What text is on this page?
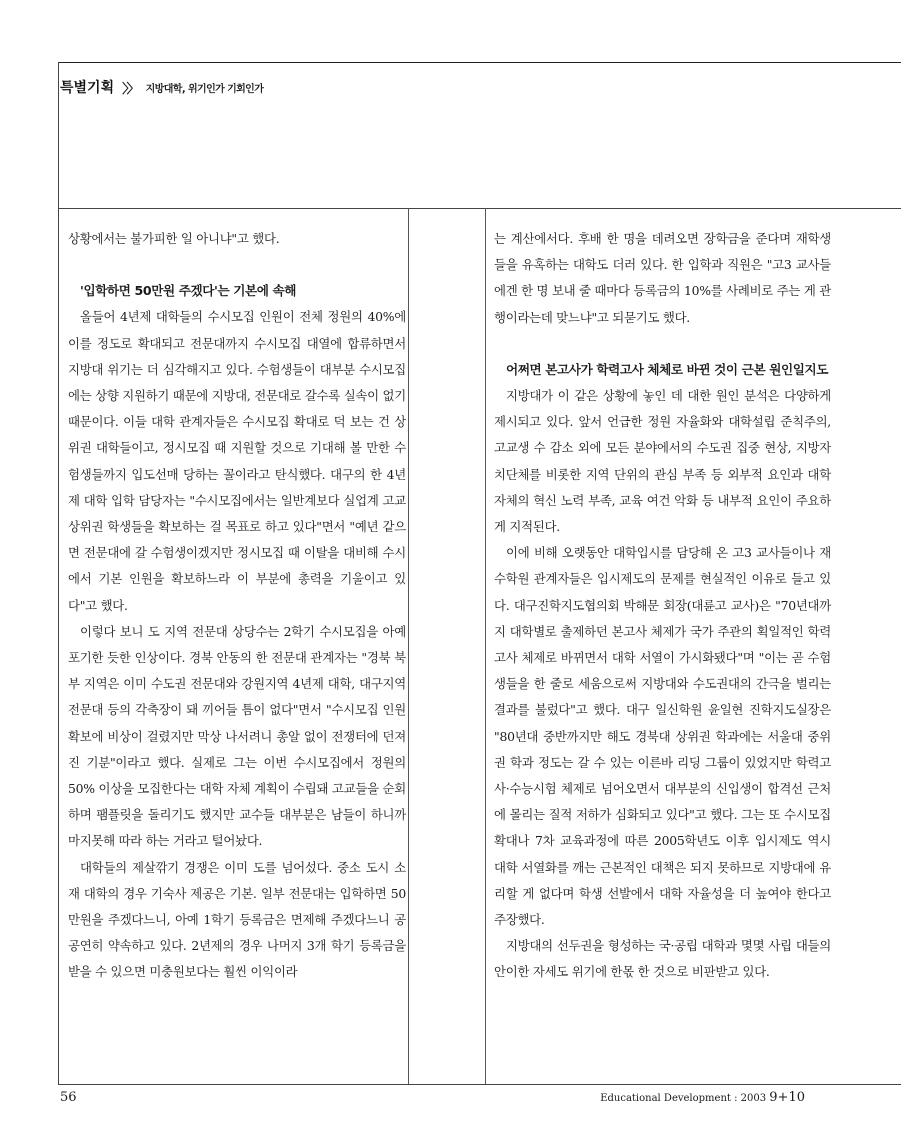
특별기획 〉〉 지방대학, 위기인가 기회인가

상황에서는 불가피한 일 아니냐"고 했다.

'입학하면 50만원 주겠다'는 기본에 속해

올들어 4년제 대학들의 수시모집 인원이 전체 정원의 40%에 이를 정도로 확대되고 전문대까지 수시모집 대열에 합류하면서 지방대 위기는 더 심각해지고 있다. 수험생들이 대부분 수시모집에는 상향 지원하기 때문에 지방대, 전문대로 갈수록 실속이 없기 때문이다. 이들 대학 관계자들은 수시모집 확대로 덕 보는 건 상위권 대학들이고, 정시모집 때 지원할 것으로 기대해 볼 만한 수험생들까지 입도선매 당하는 꼴이라고 탄식했다. 대구의 한 4년제 대학 입학 담당자는 "수시모집에서는 일반계보다 실업계 고교 상위권 학생들을 확보하는 걸 목표로 하고 있다"면서 "예년 같으면 전문대에 갈 수험생이겠지만 정시모집 때 이탈을 대비해 수시에서 기본 인원을 확보하느라 이 부분에 총력을 기울이고 있다"고 했다.

이렇다 보니 도 지역 전문대 상당수는 2학기 수시모집을 아예 포기한 듯한 인상이다. 경북 안동의 한 전문대 관계자는 "경북 북부 지역은 이미 수도권 전문대와 강원지역 4년제 대학, 대구지역 전문대 등의 각축장이 돼 끼어들 틈이 없다"면서 "수시모집 인원 확보에 비상이 걸렸지만 막상 나서려니 총알 없이 전쟁터에 던져진 기분"이라고 했다. 실제로 그는 이번 수시모집에서 정원의 50% 이상을 모집한다는 대학 자체 계획이 수립돼 고교들을 순회하며 팸플릿을 돌리기도 했지만 교수들 대부분은 남들이 하니까 마지못해 따라 하는 거라고 털어놨다.

대학들의 제살깎기 경쟁은 이미 도를 넘어섰다. 중소 도시 소재 대학의 경우 기숙사 제공은 기본. 일부 전문대는 입학하면 50만원을 주겠다느니, 아예 1학기 등록금은 면제해 주겠다느니 공공연히 약속하고 있다. 2년제의 경우 나머지 3개 학기 등록금을 받을 수 있으면 미충원보다는 훨씬 이익이라

는 계산에서다. 후배 한 명을 데려오면 장학금을 준다며 재학생들을 유혹하는 대학도 더러 있다. 한 입학과 직원은 "고3 교사들에겐 한 명 보내 줄 때마다 등록금의 10%를 사례비로 주는 게 관행이라는데 맞느냐"고 되묻기도 했다.

어쩌면 본고사가 학력고사 체체로 바뀐 것이 근본 원인일지도

지방대가 이 같은 상황에 놓인 데 대한 원인 분석은 다양하게 제시되고 있다. 앞서 언급한 정원 자율화와 대학설립 준칙주의, 고교생 수 감소 외에 모든 분야에서의 수도권 집중 현상, 지방자치단체를 비롯한 지역 단위의 관심 부족 등 외부적 요인과 대학 자체의 혁신 노력 부족, 교육 여건 악화 등 내부적 요인이 주요하게 지적된다.

이에 비해 오랫동안 대학입시를 담당해 온 고3 교사들이나 재수학원 관계자들은 입시제도의 문제를 현실적인 이유로 들고 있다. 대구진학지도협의회 박해문 회장(대륜고 교사)은 "70년대까지 대학별로 출제하던 본고사 체제가 국가 주관의 획일적인 학력고사 체제로 바뀌면서 대학 서열이 가시화됐다"며 "이는 곧 수험생들을 한 줄로 세움으로써 지방대와 수도권대의 간극을 벌리는 결과를 불렀다"고 했다. 대구 일신학원 윤일현 진학지도실장은 "80년대 중반까지만 해도 경북대 상위권 학과에는 서울대 중위권 학과 정도는 갈 수 있는 이른바 리딩 그룹이 있었지만 학력고사·수능시험 체제로 넘어오면서 대부분의 신입생이 합격선 근처에 몰리는 질적 저하가 심화되고 있다"고 했다. 그는 또 수시모집 확대나 7차 교육과정에 따른 2005학년도 이후 입시제도 역시 대학 서열화를 깨는 근본적인 대책은 되지 못하므로 지방대에 유리할 게 없다며 학생 선발에서 대학 자율성을 더 높여야 한다고 주장했다.

지방대의 선두권을 형성하는 국·공립 대학과 몇몇 사립 대들의 안이한 자세도 위기에 한몫 한 것으로 비판받고 있다.

56	Educational Development : 2003 9+10
